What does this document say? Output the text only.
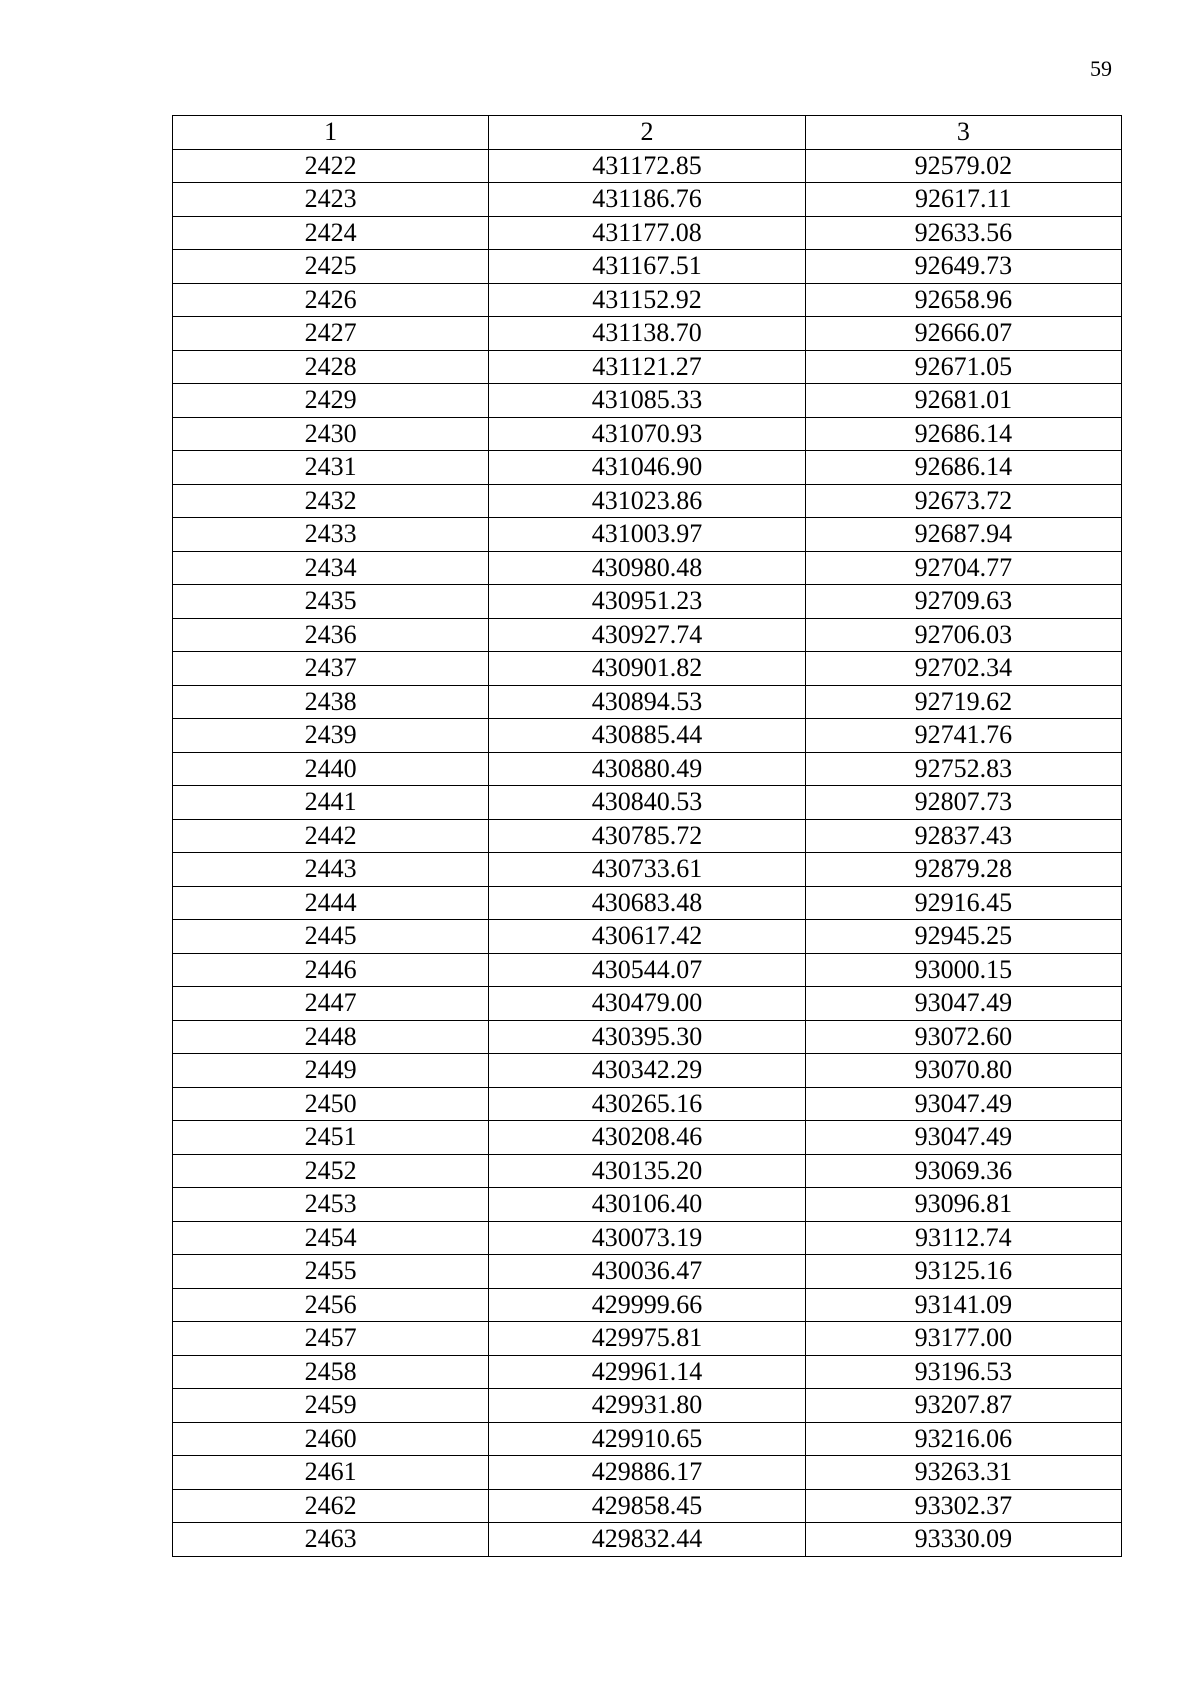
59
1	2	3
2422	431172.85	92579.02
2423	431186.76	92617.11
2424	431177.08	92633.56
2425	431167.51	92649.73
2426	431152.92	92658.96
2427	431138.70	92666.07
2428	431121.27	92671.05
2429	431085.33	92681.01
2430	431070.93	92686.14
2431	431046.90	92686.14
2432	431023.86	92673.72
2433	431003.97	92687.94
2434	430980.48	92704.77
2435	430951.23	92709.63
2436	430927.74	92706.03
2437	430901.82	92702.34
2438	430894.53	92719.62
2439	430885.44	92741.76
2440	430880.49	92752.83
2441	430840.53	92807.73
2442	430785.72	92837.43
2443	430733.61	92879.28
2444	430683.48	92916.45
2445	430617.42	92945.25
2446	430544.07	93000.15
2447	430479.00	93047.49
2448	430395.30	93072.60
2449	430342.29	93070.80
2450	430265.16	93047.49
2451	430208.46	93047.49
2452	430135.20	93069.36
2453	430106.40	93096.81
2454	430073.19	93112.74
2455	430036.47	93125.16
2456	429999.66	93141.09
2457	429975.81	93177.00
2458	429961.14	93196.53
2459	429931.80	93207.87
2460	429910.65	93216.06
2461	429886.17	93263.31
2462	429858.45	93302.37
2463	429832.44	93330.09
